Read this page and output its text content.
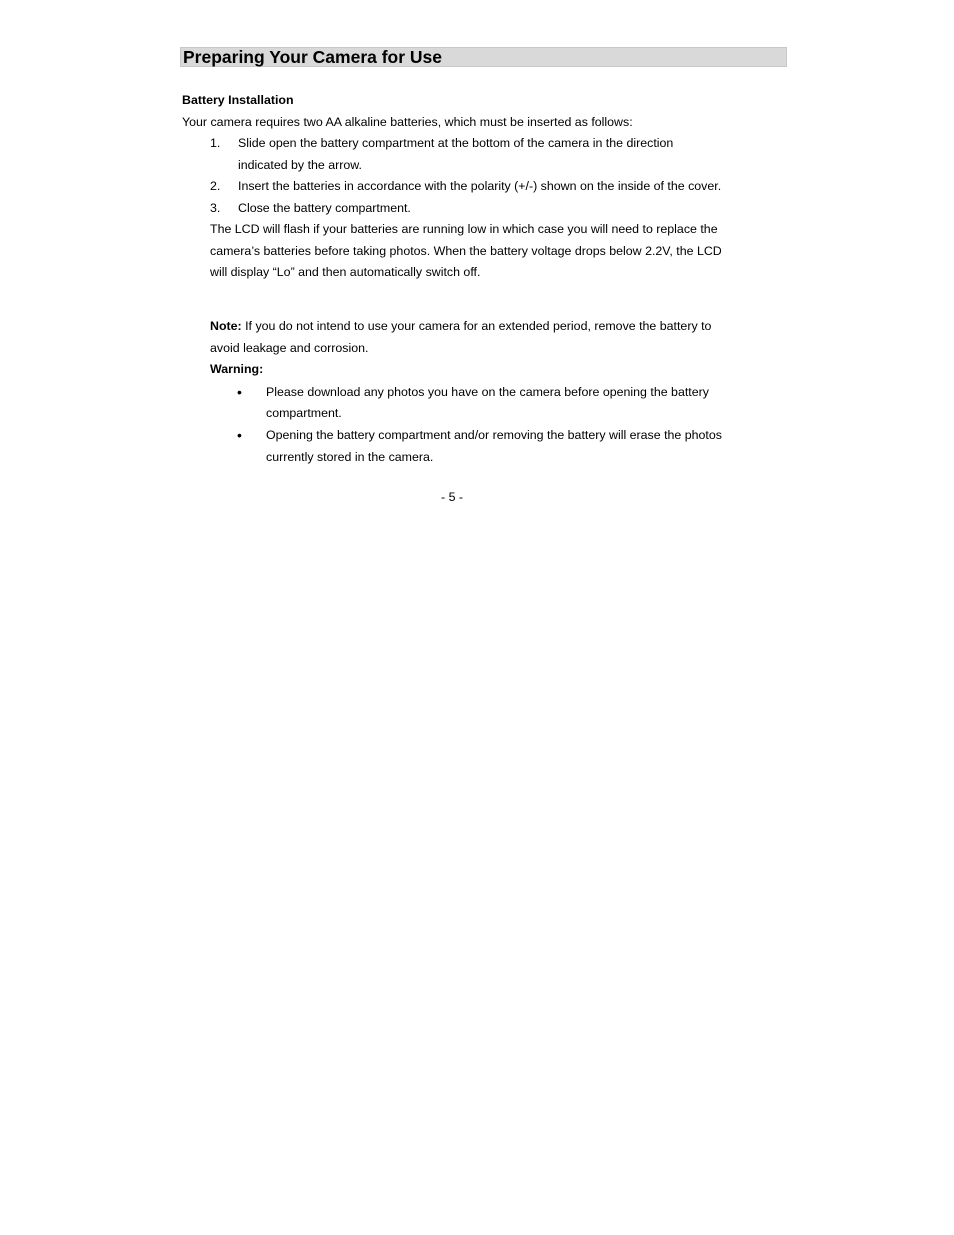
Preparing Your Camera for Use
Battery Installation
Your camera requires two AA alkaline batteries, which must be inserted as follows:
1. Slide open the battery compartment at the bottom of the camera in the direction
indicated by the arrow.
2. Insert the batteries in accordance with the polarity (+/-) shown on the inside of the cover.
3. Close the battery compartment.
The LCD will flash if your batteries are running low in which case you will need to replace the
camera’s batteries before taking photos. When the battery voltage drops below 2.2V, the LCD
will display “Lo” and then automatically switch off.
Note: If you do not intend to use your camera for an extended period, remove the battery to
avoid leakage and corrosion.
Warning:
• Please download any photos you have on the camera before opening the battery
compartment.
• Opening the battery compartment and/or removing the battery will erase the photos
currently stored in the camera.
- 5 -
